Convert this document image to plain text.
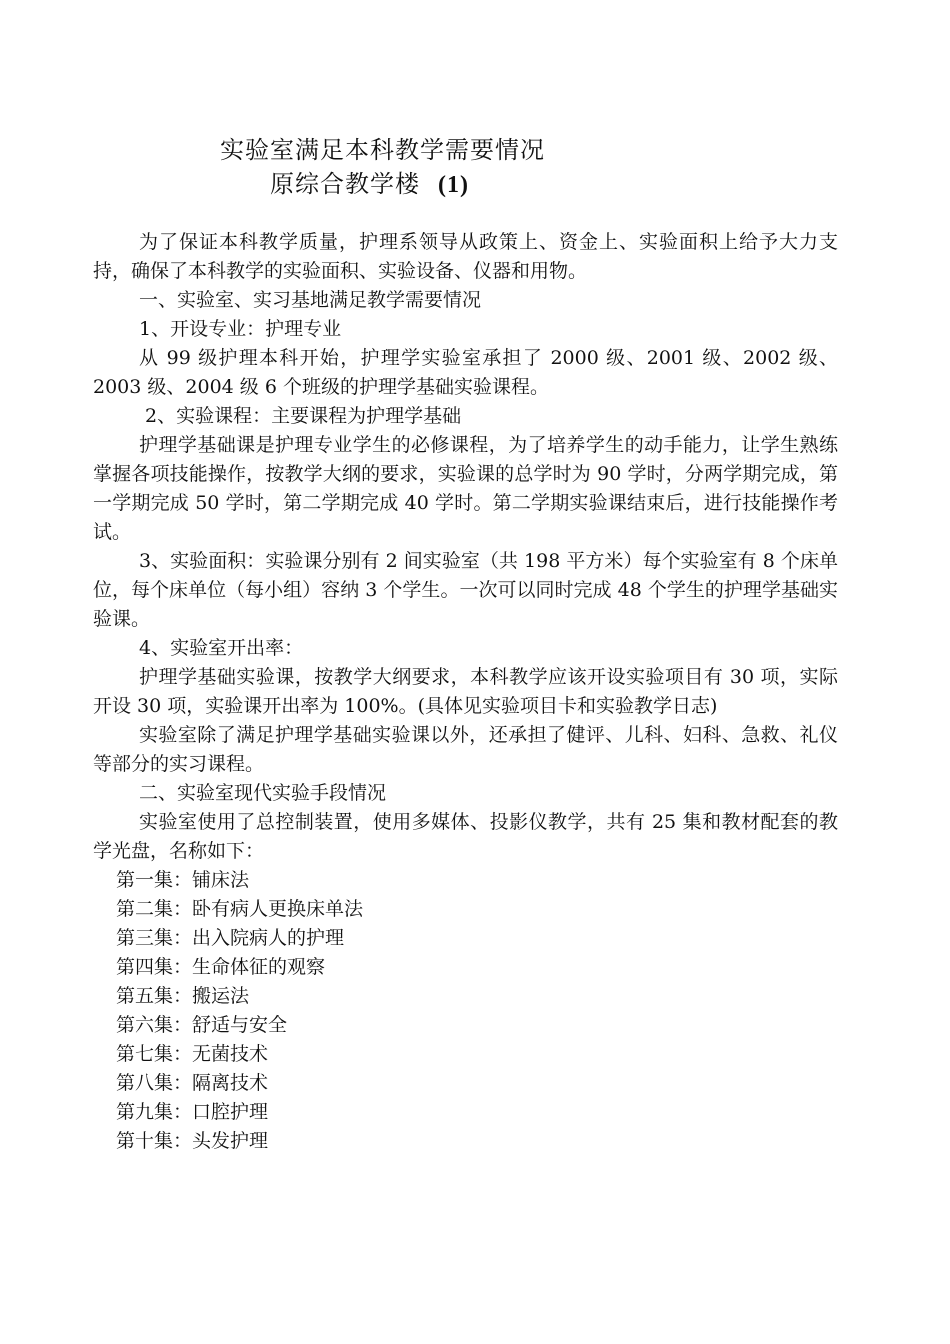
实验室满足本科教学需要情况
原综合教学楼 (1)

为了保证本科教学质量，护理系领导从政策上、资金上、实验面积上给予大力支持，确保了本科教学的实验面积、实验设备、仪器和用物。

一、实验室、实习基地满足教学需要情况

1、开设专业：护理专业

从 99 级护理本科开始，护理学实验室承担了 2000 级、2001 级、2002 级、2003 级、2004 级 6 个班级的护理学基础实验课程。

2、实验课程：主要课程为护理学基础

护理学基础课是护理专业学生的必修课程，为了培养学生的动手能力，让学生熟练掌握各项技能操作，按教学大纲的要求，实验课的总学时为 90 学时，分两学期完成，第一学期完成 50 学时，第二学期完成 40 学时。第二学期实验课结束后，进行技能操作考试。

3、实验面积：实验课分别有 2 间实验室（共 198 平方米）每个实验室有 8 个床单位，每个床单位（每小组）容纳 3 个学生。一次可以同时完成 48 个学生的护理学基础实验课。

4、实验室开出率：

护理学基础实验课，按教学大纲要求，本科教学应该开设实验项目有 30 项，实际开设 30 项，实验课开出率为 100%。(具体见实验项目卡和实验教学日志)

实验室除了满足护理学基础实验课以外，还承担了健评、儿科、妇科、急救、礼仪等部分的实习课程。

二、实验室现代实验手段情况

实验室使用了总控制装置，使用多媒体、投影仪教学，共有 25 集和教材配套的教学光盘，名称如下：

第一集：铺床法

第二集：卧有病人更换床单法

第三集：出入院病人的护理

第四集：生命体征的观察

第五集：搬运法

第六集：舒适与安全

第七集：无菌技术

第八集：隔离技术

第九集：口腔护理

第十集：头发护理
